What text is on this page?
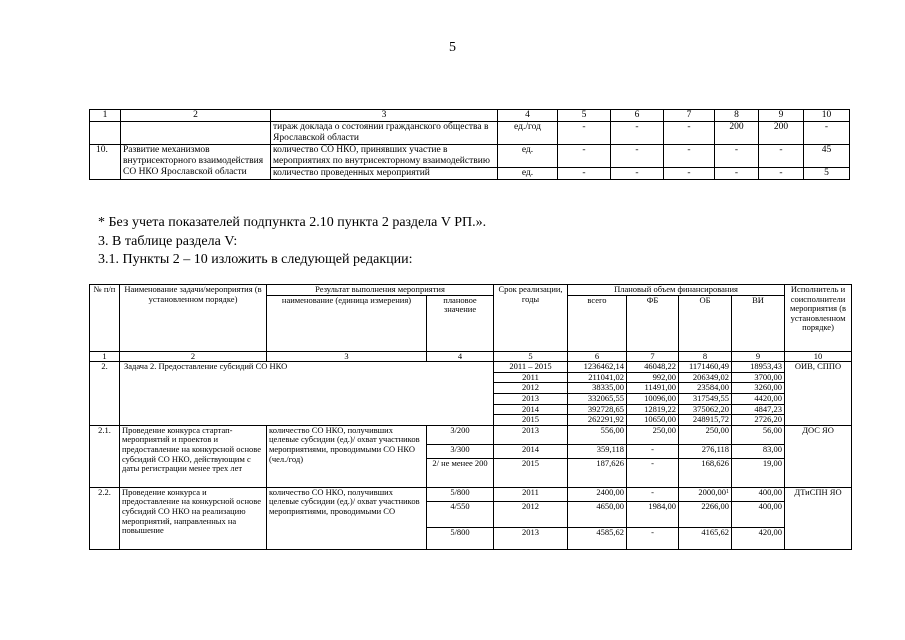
5
1	2	3	4	5	6	7	8	9	10
		тираж доклада о состоянии гражданского общества в Ярославской области	ед./год	-	-	-	200	200	-
10.	Развитие механизмов внутрисекторного взаимодействия СО НКО Ярославской области	количество СО НКО, принявших участие в мероприятиях по внутрисекторному взаимодействию	ед.	-	-	-	-	-	45
		количество проведенных мероприятий	ед.	-	-	-	-	-	5
* Без учета показателей подпункта 2.10 пункта 2 раздела V РП.».
3. В таблице раздела V:
3.1. Пункты 2 – 10 изложить в следующей редакции:
№ п/п	Наименование задачи/мероприятия (в установленном порядке)	Результат выполнения мероприятия		Срок реализации, годы	Плановый объем финансирования				Исполнитель и соисполнители мероприятия (в установленном порядке)
		наименование (единица измерения)	плановое значение		всего	ФБ	ОБ	ВИ	
1	2	3	4	5	6	7	8	9	10
2.	Задача 2. Предоставление субсидий СО НКО			2011 – 2015	1236462,14	46048,22	1171460,49	18953,43	ОИВ, СППО
				2011	211041,02	992,00	206349,02	3700,00	
				2012	38335,00	11491,00	23584,00	3260,00	
				2013	332065,55	10096,00	317549,55	4420,00	
				2014	392728,65	12819,22	375062,20	4847,23	
				2015	262291,92	10650,00	248915,72	2726,20	
2.1.	Проведение конкурса стартап-мероприятий и проектов и предоставление на конкурсной основе субсидий СО НКО, действующим с даты регистрации менее трех лет	количество СО НКО, получивших целевые субсидии (ед.)/ охват участников мероприятиями, проводимыми СО НКО (чел./год)	3/200	2013	556,00	250,00	250,00	56,00	ДОС ЯО
			3/300	2014	359,118	-	276,118	83,00	
			2/ не менее 200	2015	187,626	-	168,626	19,00	
2.2.	Проведение конкурса и предоставление на конкурсной основе субсидий СО НКО на реализацию мероприятий, направленных на повышение	количество СО НКО, получивших целевые субсидии (ед.)/ охват участников мероприятиями, проводимыми СО	5/800	2011	2400,00	-	2000,00$^1$	400,00	ДТиСПН ЯО
			4/550	2012	4650,00	1984,00	2266,00	400,00	
			5/800	2013	4585,62	-	4165,62	420,00	
